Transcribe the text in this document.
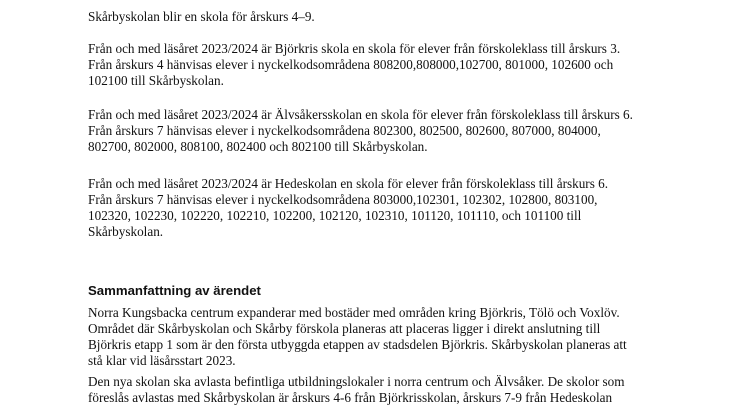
Skårbyskolan blir en skola för årskurs 4–9.

Från och med läsåret 2023/2024 är Björkris skola en skola för elever från förskoleklass till årskurs 3.
Från årskurs 4 hänvisas elever i nyckelkodsområdena 808200,808000,102700, 801000, 102600 och
102100 till Skårbyskolan.

Från och med läsåret 2023/2024 är Älvsåkersskolan en skola för elever från förskoleklass till årskurs 6.
Från årskurs 7 hänvisas elever i nyckelkodsområdena 802300, 802500, 802600, 807000, 804000,
802700, 802000, 808100, 802400 och 802100 till Skårbyskolan.

Från och med läsåret 2023/2024 är Hedeskolan en skola för elever från förskoleklass till årskurs 6.
Från årskurs 7 hänvisas elever i nyckelkodsområdena 803000,102301, 102302, 102800, 803100,
102320, 102230, 102220, 102210, 102200, 102120, 102310, 101120, 101110, och 101100 till
Skårbyskolan.

Sammanfattning av ärendet

Norra Kungsbacka centrum expanderar med bostäder med områden kring Björkris, Tölö och Voxlöv.
Området där Skårbyskolan och Skårby förskola planeras att placeras ligger i direkt anslutning till
Björkris etapp 1 som är den första utbyggda etappen av stadsdelen Björkris. Skårbyskolan planeras att
stå klar vid läsårsstart 2023.

Den nya skolan ska avlasta befintliga utbildningslokaler i norra centrum och Älvsåker. De skolor som
föreslås avlastas med Skårbyskolan är årskurs 4-6 från Björkrisskolan, årskurs 7-9 från Hedeskolan
